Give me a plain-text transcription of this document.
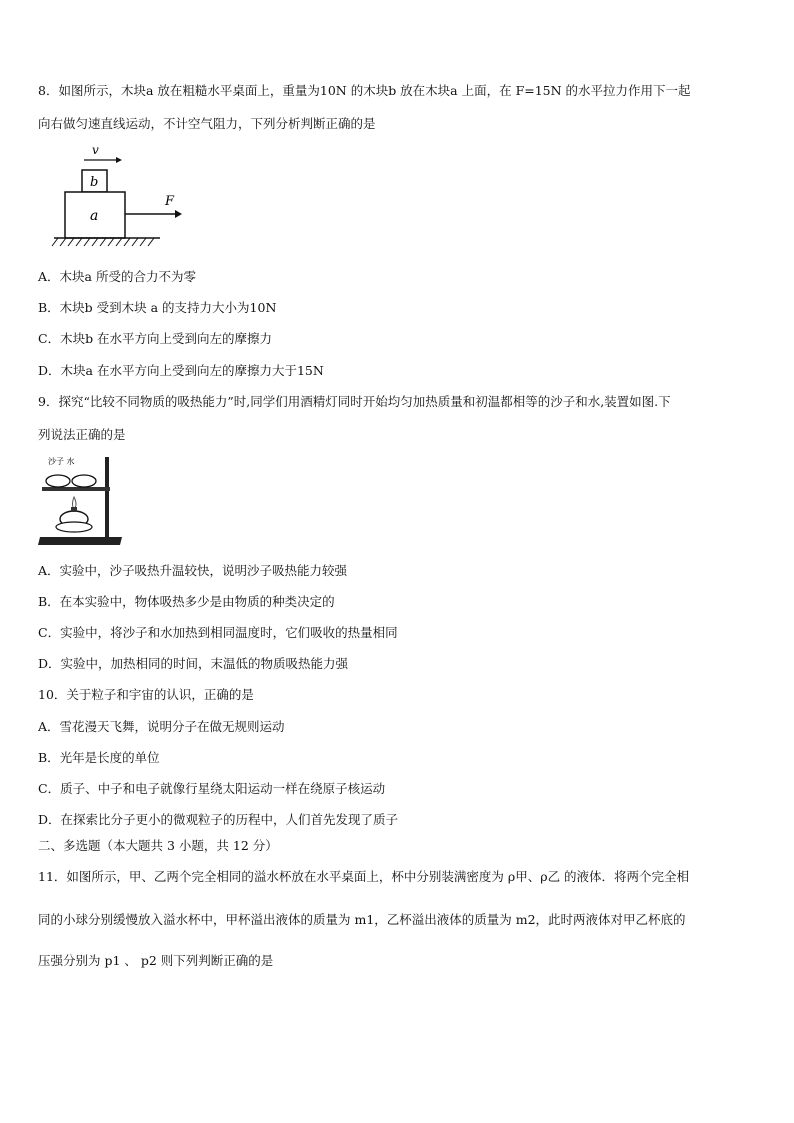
8．如图所示，木块a 放在粗糙水平桌面上，重量为10N 的木块b 放在木块a 上面，在 F=15N 的水平拉力作用下一起
向右做匀速直线运动，不计空气阻力，下列分析判断正确的是
v
b
a
F
A．木块a 所受的合力不为零
B．木块b 受到木块 a 的支持力大小为10N
C．木块b 在水平方向上受到向左的摩擦力
D．木块a 在水平方向上受到向左的摩擦力大于15N
9．探究“比较不同物质的吸热能力”时,同学们用酒精灯同时开始均匀加热质量和初温都相等的沙子和水,装置如图.下
列说法正确的是
沙子 水
A．实验中，沙子吸热升温较快，说明沙子吸热能力较强
B．在本实验中，物体吸热多少是由物质的种类决定的
C．实验中，将沙子和水加热到相同温度时，它们吸收的热量相同
D．实验中，加热相同的时间，末温低的物质吸热能力强
10．关于粒子和宇宙的认识，正确的是
A．雪花漫天飞舞，说明分子在做无规则运动
B．光年是长度的单位
C．质子、中子和电子就像行星绕太阳运动一样在绕原子核运动
D．在探索比分子更小的微观粒子的历程中，人们首先发现了质子
二、多选题（本大题共 3 小题，共 12 分）
11．如图所示，甲、乙两个完全相同的溢水杯放在水平桌面上，杯中分别装满密度为 ρ甲、ρ乙 的液体．将两个完全相
同的小球分别缓慢放入溢水杯中，甲杯溢出液体的质量为 m1，乙杯溢出液体的质量为 m2，此时两液体对甲乙杯底的
压强分别为 p1 、 p2 则下列判断正确的是
